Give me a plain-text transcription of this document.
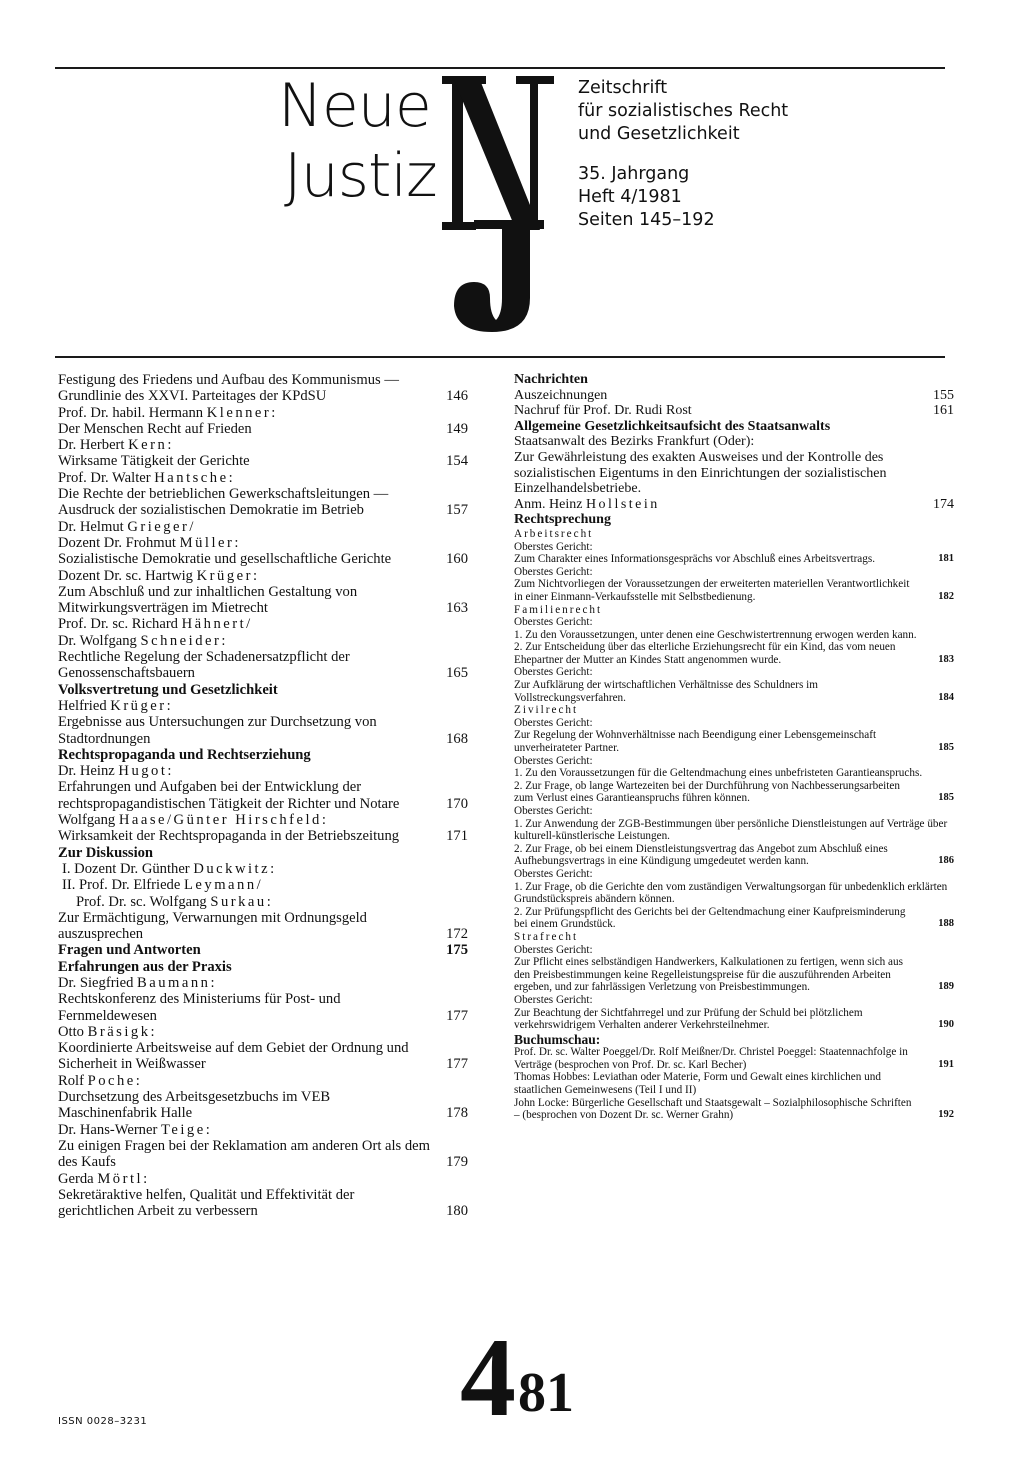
Neue
Justiz
Zeitschrift
für sozialistisches Recht
und Gesetzlichkeit
35. Jahrgang
Heft 4/1981
Seiten 145–192
Festigung des Friedens und Aufbau des Kommunismus — Grundlinie des XXVI. Parteitages der KPdSU	146
Prof. Dr. habil. Hermann Klenner:
Der Menschen Recht auf Frieden	149
Dr. Herbert Kern:
Wirksame Tätigkeit der Gerichte	154
Prof. Dr. Walter Hantsche:
Die Rechte der betrieblichen Gewerkschaftsleitungen — Ausdruck der sozialistischen Demokratie im Betrieb	157
Dr. Helmut Grieger/
Dozent Dr. Frohmut Müller:
Sozialistische Demokratie und gesellschaftliche Gerichte	160
Dozent Dr. sc. Hartwig Krüger:
Zum Abschluß und zur inhaltlichen Gestaltung von Mitwirkungsverträgen im Mietrecht	163
Prof. Dr. sc. Richard Hähnert/
Dr. Wolfgang Schneider:
Rechtliche Regelung der Schadenersatzpflicht der Genossenschaftsbauern	165
Volksvertretung und Gesetzlichkeit
Helfried Krüger:
Ergebnisse aus Untersuchungen zur Durchsetzung von Stadtordnungen	168
Rechtspropaganda und Rechtserziehung
Dr. Heinz Hugot:
Erfahrungen und Aufgaben bei der Entwicklung der rechtspropagandistischen Tätigkeit der Richter und Notare	170
Wolfgang Haase/Günter Hirschfeld:
Wirksamkeit der Rechtspropaganda in der Betriebszeitung	171
Zur Diskussion
I. Dozent Dr. Günther Duckwitz:
II. Prof. Dr. Elfriede Leymann/
Prof. Dr. sc. Wolfgang Surkau:
Zur Ermächtigung, Verwarnungen mit Ordnungsgeld auszusprechen	172
Fragen und Antworten	175
Erfahrungen aus der Praxis
Dr. Siegfried Baumann:
Rechtskonferenz des Ministeriums für Post- und Fernmeldewesen	177
Otto Bräsigk:
Koordinierte Arbeitsweise auf dem Gebiet der Ordnung und Sicherheit in Weißwasser	177
Rolf Poche:
Durchsetzung des Arbeitsgesetzbuchs im VEB Maschinenfabrik Halle	178
Dr. Hans-Werner Teige:
Zu einigen Fragen bei der Reklamation am anderen Ort als dem des Kaufs	179
Gerda Mörtl:
Sekretäraktive helfen, Qualität und Effektivität der gerichtlichen Arbeit zu verbessern	180
Nachrichten
Auszeichnungen	155
Nachruf für Prof. Dr. Rudi Rost	161
Allgemeine Gesetzlichkeitsaufsicht des Staatsanwalts
Staatsanwalt des Bezirks Frankfurt (Oder):
Zur Gewährleistung des exakten Ausweises und der Kontrolle des sozialistischen Eigentums in den Einrichtungen der sozialistischen Einzelhandelsbetriebe.
Anm. Heinz Hollstein	174
Rechtsprechung
Arbeitsrecht
Oberstes Gericht:
Zum Charakter eines Informationsgesprächs vor Abschluß eines Arbeitsvertrags.	181
Oberstes Gericht:
Zum Nichtvorliegen der Voraussetzungen der erweiterten materiellen Verantwortlichkeit in einer Einmann-Verkaufsstelle mit Selbstbedienung.	182
Familienrecht
Oberstes Gericht:
1. Zu den Voraussetzungen, unter denen eine Geschwistertrennung erwogen werden kann.
2. Zur Entscheidung über das elterliche Erziehungsrecht für ein Kind, das vom neuen Ehepartner der Mutter an Kindes Statt angenommen wurde.	183
Oberstes Gericht:
Zur Aufklärung der wirtschaftlichen Verhältnisse des Schuldners im Vollstreckungsverfahren.	184
Zivilrecht
Oberstes Gericht:
Zur Regelung der Wohnverhältnisse nach Beendigung einer Lebensgemeinschaft unverheirateter Partner.	185
Oberstes Gericht:
1. Zu den Voraussetzungen für die Geltendmachung eines unbefristeten Garantieanspruchs.
2. Zur Frage, ob lange Wartezeiten bei der Durchführung von Nachbesserungsarbeiten zum Verlust eines Garantieanspruchs führen können.	185
Oberstes Gericht:
1. Zur Anwendung der ZGB-Bestimmungen über persönliche Dienstleistungen auf Verträge über kulturell-künstlerische Leistungen.
2. Zur Frage, ob bei einem Dienstleistungsvertrag das Angebot zum Abschluß eines Aufhebungsvertrags in eine Kündigung umgedeutet werden kann.	186
Oberstes Gericht:
1. Zur Frage, ob die Gerichte den vom zuständigen Verwaltungsorgan für unbedenklich erklärten Grundstückspreis abändern können.
2. Zur Prüfungspflicht des Gerichts bei der Geltendmachung einer Kaufpreisminderung bei einem Grundstück.	188
Strafrecht
Oberstes Gericht:
Zur Pflicht eines selbständigen Handwerkers, Kalkulationen zu fertigen, wenn sich aus den Preisbestimmungen keine Regelleistungspreise für die auszuführenden Arbeiten ergeben, und zur fahrlässigen Verletzung von Preisbestimmungen.	189
Oberstes Gericht:
Zur Beachtung der Sichtfahrregel und zur Prüfung der Schuld bei plötzlichem verkehrswidrigem Verhalten anderer Verkehrsteilnehmer.	190
Buchumschau:
Prof. Dr. sc. Walter Poeggel/Dr. Rolf Meißner/Dr. Christel Poeggel: Staatennachfolge in Verträge (besprochen von Prof. Dr. sc. Karl Becher)	191
Thomas Hobbes: Leviathan oder Materie, Form und Gewalt eines kirchlichen und staatlichen Gemeinwesens (Teil I und II)
John Locke: Bürgerliche Gesellschaft und Staatsgewalt – Sozialphilosophische Schriften – (besprochen von Dozent Dr. sc. Werner Grahn)	192
481
ISSN 0028–3231
